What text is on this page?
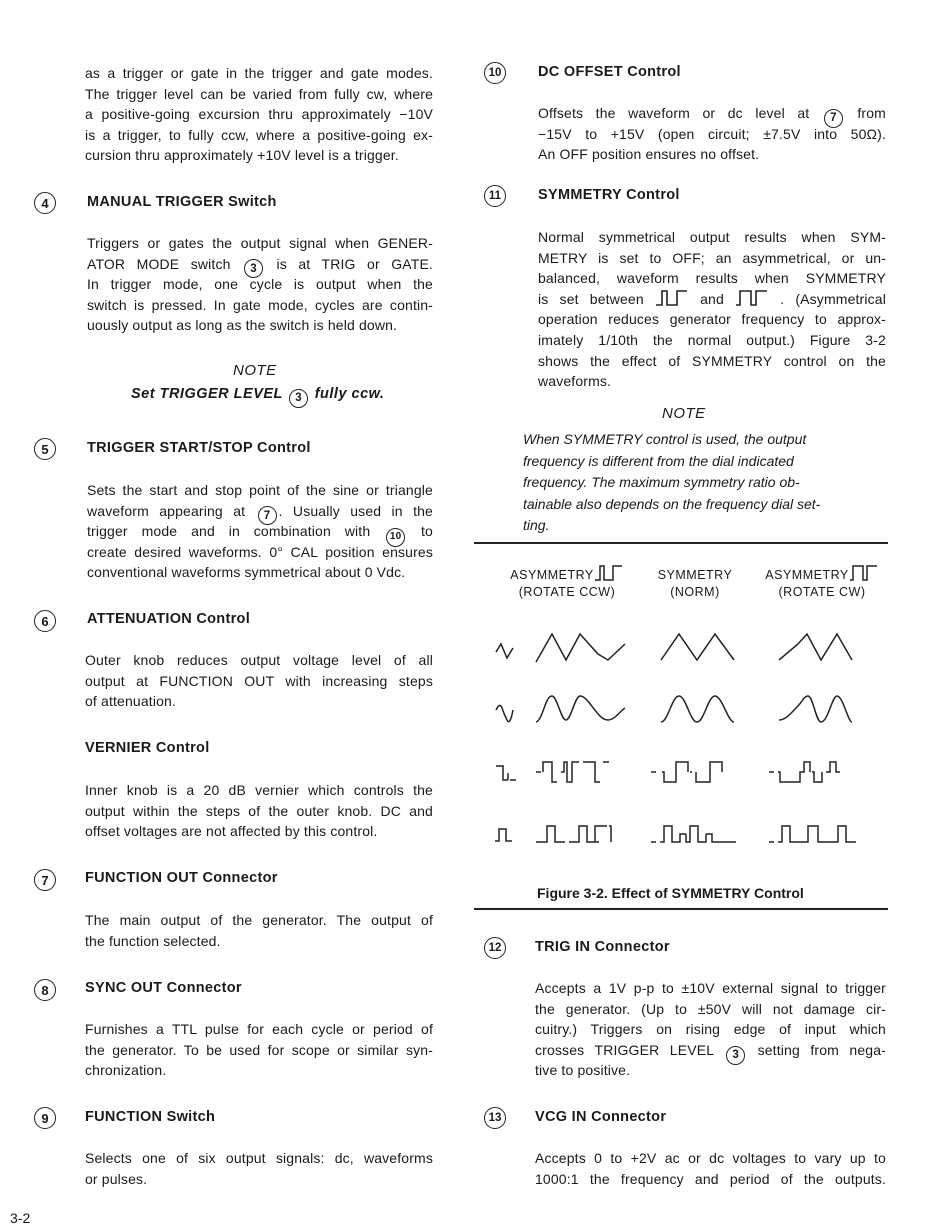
as a trigger or gate in the trigger and gate modes.
The trigger level can be varied from fully cw, where
a positive-going excursion thru approximately −10V
is a trigger, to fully ccw, where a positive-going ex-
cursion thru approximately +10V level is a trigger.
4	MANUAL TRIGGER Switch
Triggers or gates the output signal when GENER-
ATOR MODE switch 3 is at TRIG or GATE.
In trigger mode, one cycle is output when the
switch is pressed. In gate mode, cycles are contin-
uously output as long as the switch is held down.
NOTE
Set TRIGGER LEVEL 3 fully ccw.
5	TRIGGER START/STOP Control
Sets the start and stop point of the sine or triangle
waveform appearing at 7 . Usually used in the
trigger mode and in combination with 10 to
create desired waveforms. 0° CAL position ensures
conventional waveforms symmetrical about 0 Vdc.
6	ATTENUATION Control
Outer knob reduces output voltage level of all
output at FUNCTION OUT with increasing steps
of attenuation.
VERNIER Control
Inner knob is a 20 dB vernier which controls the
output within the steps of the outer knob. DC and
offset voltages are not affected by this control.
7	FUNCTION OUT Connector
The main output of the generator. The output of
the function selected.
8	SYNC OUT Connector
Furnishes a TTL pulse for each cycle or period of
the generator. To be used for scope or similar syn-
chronization.
9	FUNCTION Switch
Selects one of six output signals: dc, waveforms
or pulses.
3-2
10	DC OFFSET Control
Offsets the waveform or dc level at 7 from
−15V to +15V (open circuit; ±7.5V into 50Ω).
An OFF position ensures no offset.
11	SYMMETRY Control
Normal symmetrical output results when SYM-
METRY is set to OFF; an asymmetrical, or un-
balanced, waveform results when SYMMETRY
is set between	and	. (Asymmetrical
operation reduces generator frequency to approx-
imately 1/10th the normal output.) Figure 3-2
shows the effect of SYMMETRY control on the
waveforms.
NOTE
When SYMMETRY control is used, the output
frequency is different from the dial indicated
frequency. The maximum symmetry ratio ob-
tainable also depends on the frequency dial set-
ting.
ASYMMETRY
(ROTATE CCW)
SYMMETRY
(NORM)
ASYMMETRY
(ROTATE CW)
Figure 3-2. Effect of SYMMETRY Control
12	TRIG IN Connector
Accepts a 1V p-p to ±10V external signal to trigger
the generator. (Up to ±50V will not damage cir-
cuitry.) Triggers on rising edge of input which
crosses TRIGGER LEVEL 3 setting from nega-
tive to positive.
13	VCG IN Connector
Accepts 0 to +2V ac or dc voltages to vary up to
1000:1 the frequency and period of the outputs.
